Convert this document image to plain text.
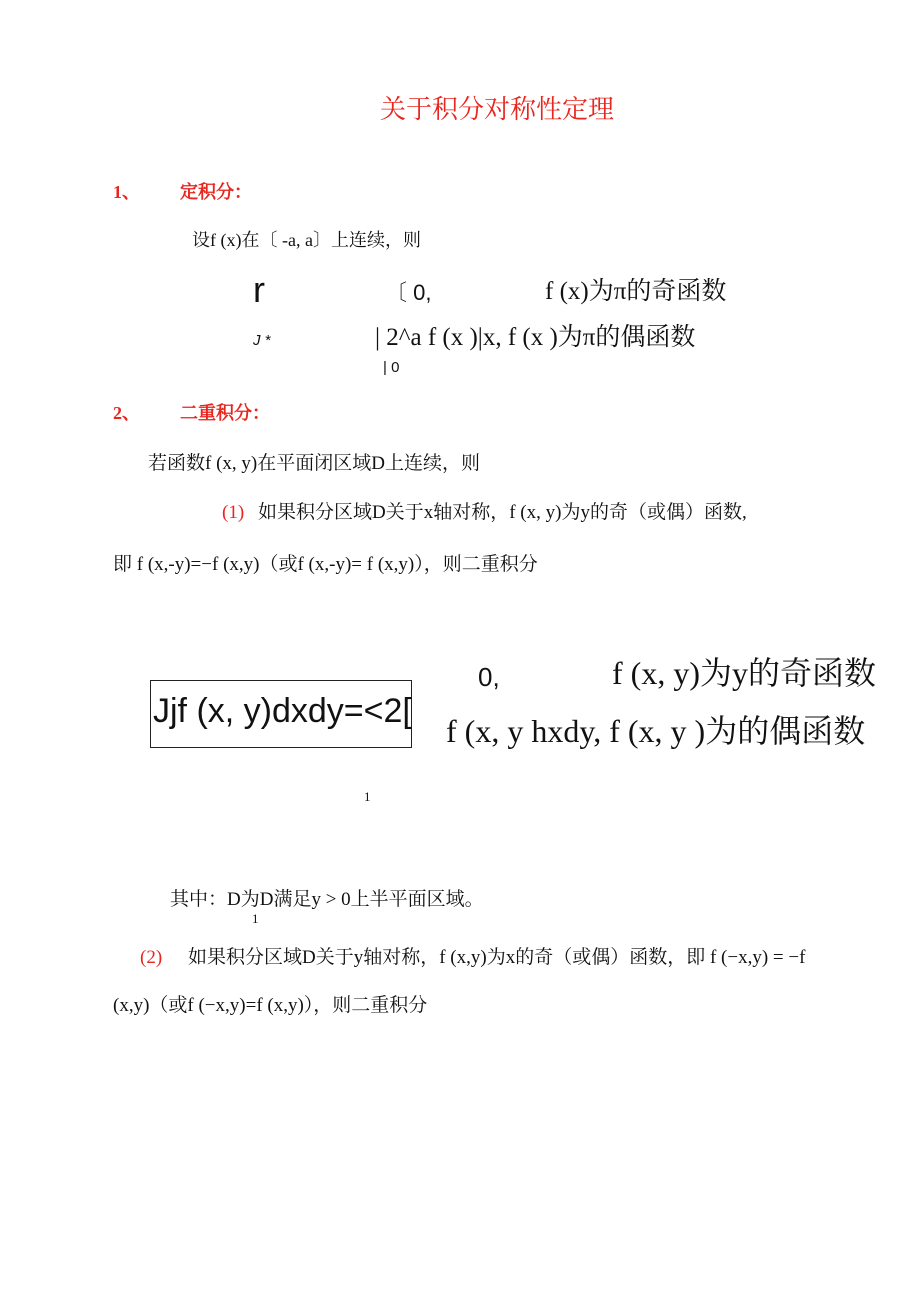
关于积分对称性定理
1、 定积分：
设f (x)在〔 -a, a〕上连续，则
r	〔 0,	f (x)为π的奇函数
J *	| 2^a f (x )|x, f (x )为π的偶函数
| 0
2、 二重积分：
若函数f (x, y)在平面闭区域D上连续，则
(1) 如果积分区域D关于x轴对称，f (x, y)为y的奇（或偶）函数,
即 f (x,-y)=−f (x,y)（或f (x,-y)= f (x,y)），则二重积分
Jjf (x, y)dxdy=<2[
0,	f (x, y)为y的奇函数
f (x, y hxdy, f (x, y )为的偶函数
1
其中：D为D满足y > 0上半平面区域。
1
(2) 如果积分区域D关于y轴对称，f (x,y)为x的奇（或偶）函数，即 f (−x,y) = −f
(x,y)（或f (−x,y)=f (x,y)），则二重积分
